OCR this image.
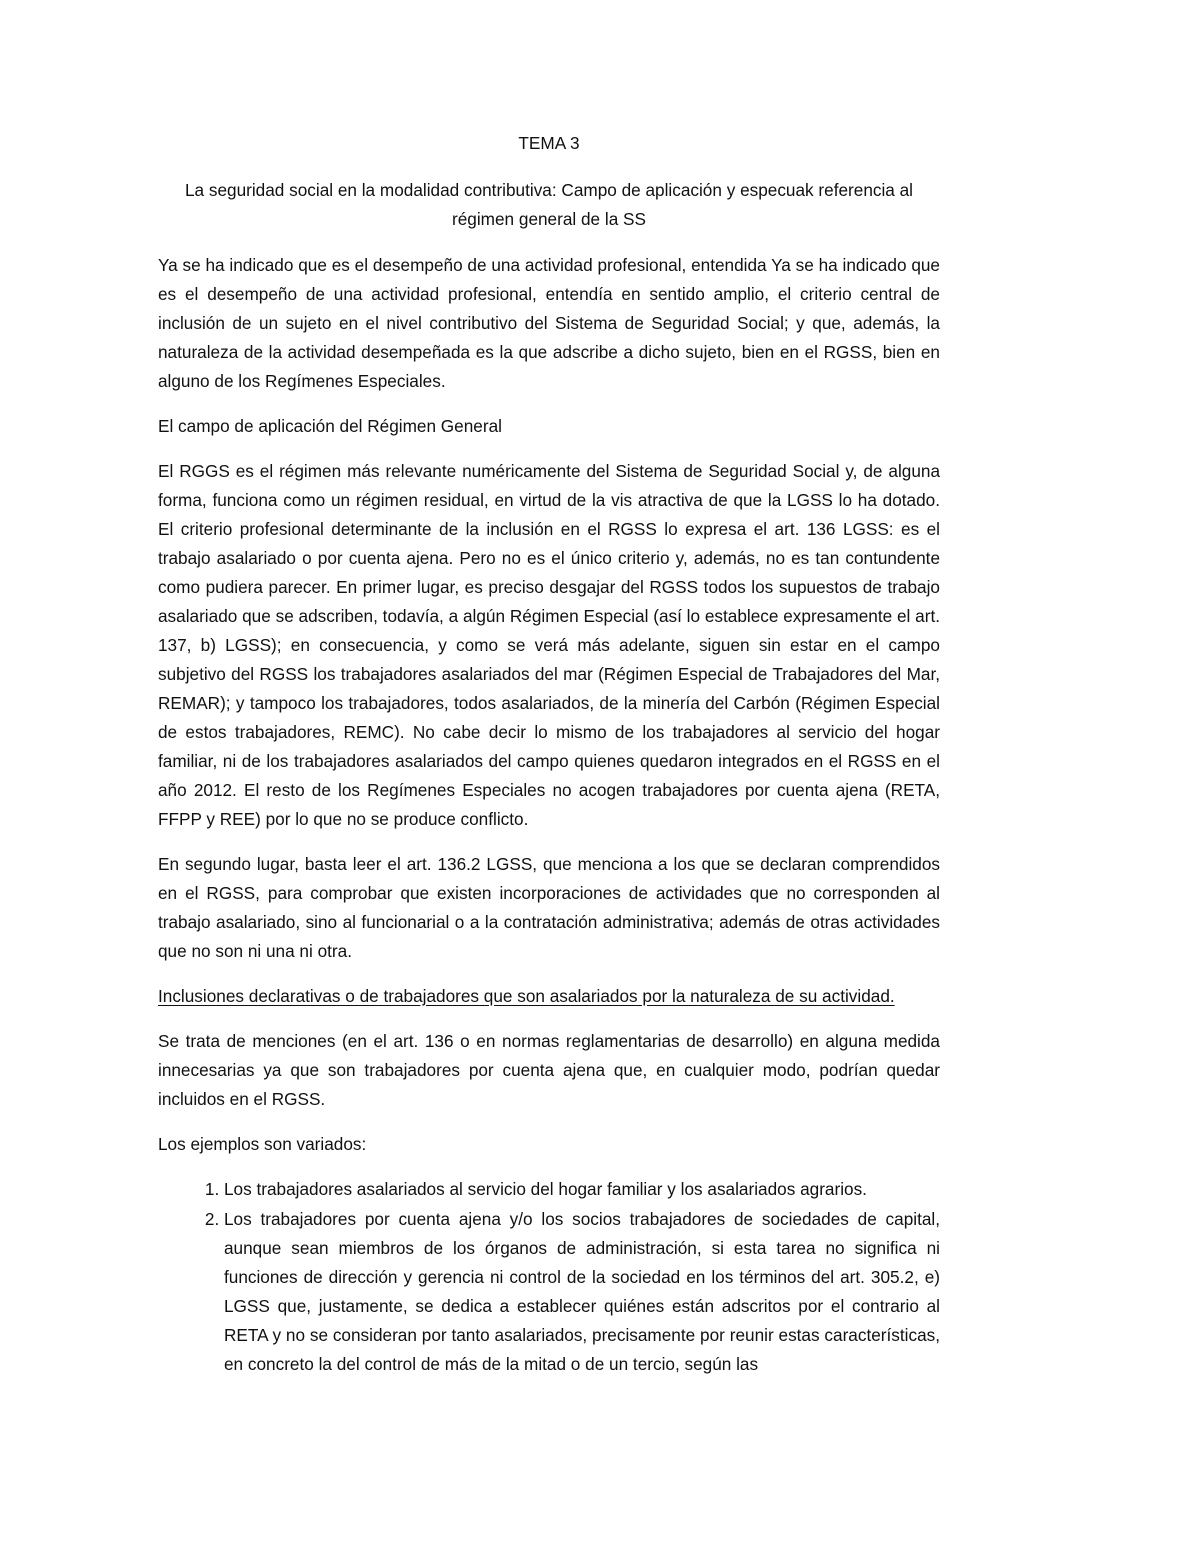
TEMA 3
La seguridad social en la modalidad contributiva: Campo de aplicación y especuak referencia al régimen general de la SS

Ya se ha indicado que es el desempeño de una actividad profesional, entendida Ya se ha indicado que es el desempeño de una actividad profesional, entendía en sentido amplio, el criterio central de inclusión de un sujeto en el nivel contributivo del Sistema de Seguridad Social; y que, además, la naturaleza de la actividad desempeñada es la que adscribe a dicho sujeto, bien en el RGSS, bien en alguno de los Regímenes Especiales.

El campo de aplicación del Régimen General

El RGGS es el régimen más relevante numéricamente del Sistema de Seguridad Social y, de alguna forma, funciona como un régimen residual, en virtud de la vis atractiva de que la LGSS lo ha dotado. El criterio profesional determinante de la inclusión en el RGSS lo expresa el art. 136 LGSS: es el trabajo asalariado o por cuenta ajena. Pero no es el único criterio y, además, no es tan contundente como pudiera parecer. En primer lugar, es preciso desgajar del RGSS todos los supuestos de trabajo asalariado que se adscriben, todavía, a algún Régimen Especial (así lo establece expresamente el art. 137, b) LGSS); en consecuencia, y como se verá más adelante, siguen sin estar en el campo subjetivo del RGSS los trabajadores asalariados del mar (Régimen Especial de Trabajadores del Mar, REMAR); y tampoco los trabajadores, todos asalariados, de la minería del Carbón (Régimen Especial de estos trabajadores, REMC). No cabe decir lo mismo de los trabajadores al servicio del hogar familiar, ni de los trabajadores asalariados del campo quienes quedaron integrados en el RGSS en el año 2012. El resto de los Regímenes Especiales no acogen trabajadores por cuenta ajena (RETA, FFPP y REE) por lo que no se produce conflicto.

En segundo lugar, basta leer el art. 136.2 LGSS, que menciona a los que se declaran comprendidos en el RGSS, para comprobar que existen incorporaciones de actividades que no corresponden al trabajo asalariado, sino al funcionarial o a la contratación administrativa; además de otras actividades que no son ni una ni otra.

Inclusiones declarativas o de trabajadores que son asalariados por la naturaleza de su actividad.

Se trata de menciones (en el art. 136 o en normas reglamentarias de desarrollo) en alguna medida innecesarias ya que son trabajadores por cuenta ajena que, en cualquier modo, podrían quedar incluidos en el RGSS.

Los ejemplos son variados:

1. Los trabajadores asalariados al servicio del hogar familiar y los asalariados agrarios.
2. Los trabajadores por cuenta ajena y/o los socios trabajadores de sociedades de capital, aunque sean miembros de los órganos de administración, si esta tarea no significa ni funciones de dirección y gerencia ni control de la sociedad en los términos del art. 305.2, e) LGSS que, justamente, se dedica a establecer quiénes están adscritos por el contrario al RETA y no se consideran por tanto asalariados, precisamente por reunir estas características, en concreto la del control de más de la mitad o de un tercio, según las
